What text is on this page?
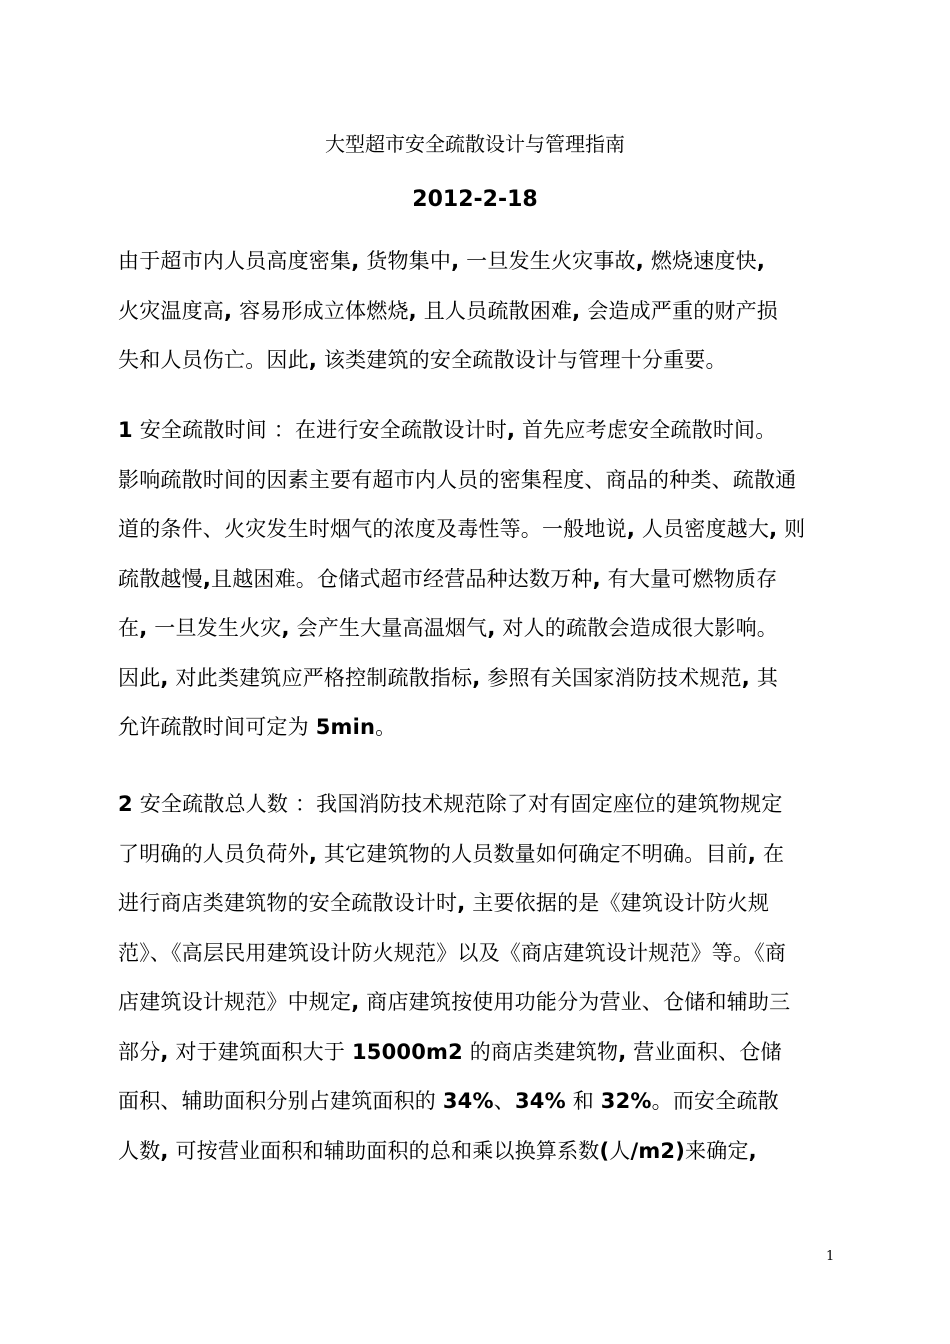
大型超市安全疏散设计与管理指南
2012-2-18
由于超市内人员高度密集, 货物集中, 一旦发生火灾事故, 燃烧速度快,
火灾温度高, 容易形成立体燃烧, 且人员疏散困难, 会造成严重的财产损
失和人员伤亡。因此, 该类建筑的安全疏散设计与管理十分重要。
1 安全疏散时间 ：在进行安全疏散设计时, 首先应考虑安全疏散时间。
影响疏散时间的因素主要有超市内人员的密集程度、商品的种类、疏散通
道的条件、火灾发生时烟气的浓度及毒性等。一般地说, 人员密度越大, 则
疏散越慢,且越困难。仓储式超市经营品种达数万种, 有大量可燃物质存
在, 一旦发生火灾, 会产生大量高温烟气, 对人的疏散会造成很大影响。
因此, 对此类建筑应严格控制疏散指标, 参照有关国家消防技术规范, 其
允许疏散时间可定为 5min。
2 安全疏散总人数 ：我国消防技术规范除了对有固定座位的建筑物规定
了明确的人员负荷外, 其它建筑物的人员数量如何确定不明确。目前, 在
进行商店类建筑物的安全疏散设计时, 主要依据的是《建筑设计防火规
范》、《高层民用建筑设计防火规范》以及《商店建筑设计规范》等。《商
店建筑设计规范》中规定, 商店建筑按使用功能分为营业、仓储和辅助三
部分, 对于建筑面积大于 15000m2 的商店类建筑物, 营业面积、仓储
面积、辅助面积分别占建筑面积的 34%、34% 和 32%。而安全疏散
人数, 可按营业面积和辅助面积的总和乘以换算系数(人/m2)来确定,
1
